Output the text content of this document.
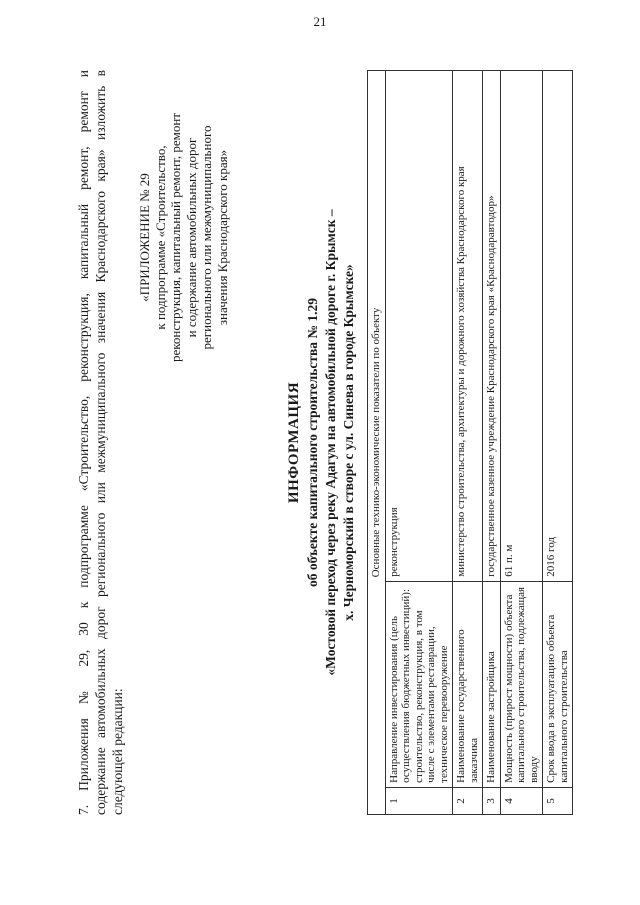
21
7. Приложения № 29, 30 к подпрограмме «Строительство, реконструкция, капитальный ремонт, ремонт и содержание автомобильных дорог регионального или межмуниципального значения Краснодарского края» изложить в следующей редакции:
«ПРИЛОЖЕНИЕ № 29 к подпрограмме «Строительство, реконструкция, капитальный ремонт, ремонт и содержание автомобильных дорог регионального или межмуниципального значения Краснодарского края»
ИНФОРМАЦИЯ об объекте капитального строительства № 1.29 «Мостовой переход через реку Адагум на автомобильной дороге г. Крымск – х. Черноморский в створе с ул. Синева в городе Крымске» Основные технико-экономические показатели по объекту		
1	Направление инвестирования (цель осуществления бюджетных инвестиций): строительство, реконструкция, в том числе с элементами реставрации, техническое перевооружение	реконструкция
2	Наименование государственного заказчика	министерство строительства, архитектуры и дорожного хозяйства Краснодарского края
3	Наименование застройщика	государственное казенное учреждение Краснодарского края «Краснодаравтодор»
4	Мощность (прирост мощности) объекта капитального строительства, подлежащая вводу	61 п. м
5	Срок ввода в эксплуатацию объекта капитального строительства	2016 год
